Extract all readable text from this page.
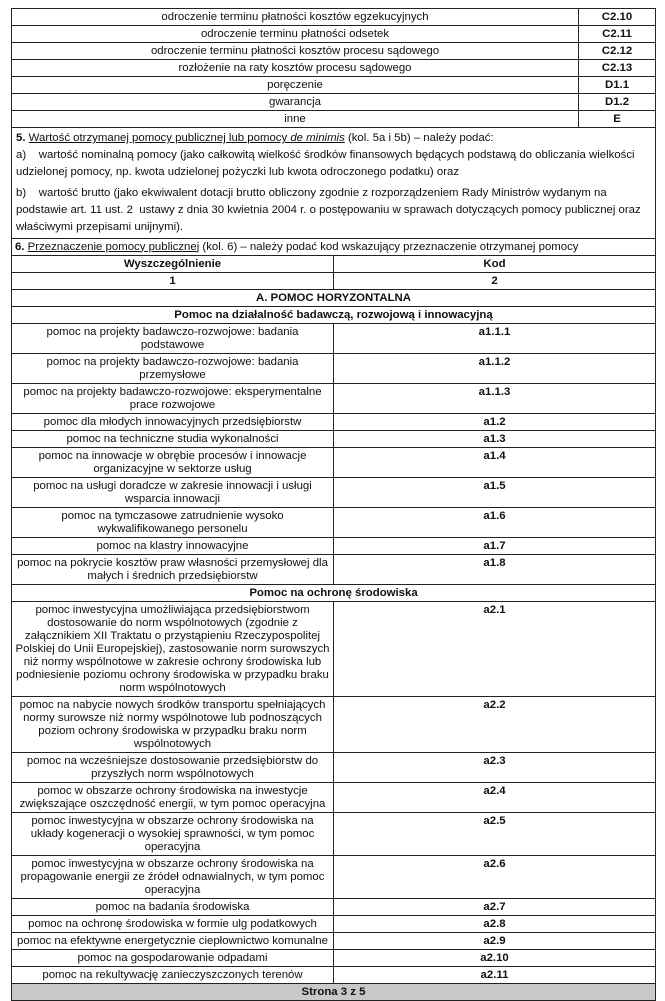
odroczenie terminu płatności kosztów egzekucyjnych	C2.10
odroczenie terminu płatności odsetek	C2.11
odroczenie terminu płatności kosztów procesu sądowego	C2.12
rozłożenie na raty kosztów procesu sądowego	C2.13
poręczenie	D1.1
gwarancja	D1.2
inne	E

5. Wartość otrzymanej pomocy publicznej lub pomocy de minimis (kol. 5a i 5b) – należy podać:

a)    wartość nominalną pomocy (jako całkowitą wielkość środków finansowych będących podstawą do obliczania wielkości udzielonej pomocy, np. kwota udzielonej pożyczki lub kwota odroczonego podatku) oraz

b)    wartość brutto (jako ekwiwalent dotacji brutto obliczony zgodnie z rozporządzeniem Rady Ministrów wydanym na podstawie art. 11 ust. 2  ustawy z dnia 30 kwietnia 2004 r. o postępowaniu w sprawach dotyczących pomocy publicznej oraz właściwymi przepisami unijnymi).

6. Przeznaczenie pomocy publicznej (kol. 6) – należy podać kod wskazujący przeznaczenie otrzymanej pomocy	
Wyszczególnienie	Kod
1	2
A. POMOC HORYZONTALNA	
Pomoc na działalność badawczą, rozwojową i innowacyjną	
pomoc na projekty badawczo-rozwojowe: badania podstawowe	a1.1.1
pomoc na projekty badawczo-rozwojowe: badania przemysłowe	a1.1.2
pomoc na projekty badawczo-rozwojowe: eksperymentalne prace rozwojowe	a1.1.3
pomoc dla młodych innowacyjnych przedsiębiorstw	a1.2
pomoc na techniczne studia wykonalności	a1.3
pomoc na innowacje w obrębie procesów i innowacje organizacyjne w sektorze usług	a1.4
pomoc na usługi doradcze w zakresie innowacji i usługi wsparcia innowacji	a1.5
pomoc na tymczasowe zatrudnienie wysoko wykwalifikowanego personelu	a1.6
pomoc na klastry innowacyjne	a1.7
pomoc na pokrycie kosztów praw własności przemysłowej dla małych i średnich przedsiębiorstw	a1.8
Pomoc na ochronę środowiska	
pomoc inwestycyjna umożliwiająca przedsiębiorstwom dostosowanie do norm wspólnotowych (zgodnie z załącznikiem XII Traktatu o przystąpieniu Rzeczypospolitej Polskiej do Unii Europejskiej), zastosowanie norm surowszych niż normy wspólnotowe w zakresie ochrony środowiska lub podniesienie poziomu ochrony środowiska w przypadku braku norm wspólnotowych	a2.1
pomoc na nabycie nowych środków transportu spełniających normy surowsze niż normy wspólnotowe lub podnoszących poziom ochrony środowiska w przypadku braku norm wspólnotowych	a2.2
pomoc na wcześniejsze dostosowanie przedsiębiorstw do przyszłych norm wspólnotowych	a2.3
pomoc w obszarze ochrony środowiska na inwestycje zwiększające oszczędność energii, w tym pomoc operacyjna	a2.4
pomoc inwestycyjna w obszarze ochrony środowiska na układy kogeneracji o wysokiej sprawności, w tym pomoc operacyjna	a2.5
pomoc inwestycyjna w obszarze ochrony środowiska na propagowanie energii ze źródeł odnawialnych, w tym pomoc operacyjna	a2.6
pomoc na badania środowiska	a2.7
pomoc na ochronę środowiska w formie ulg podatkowych	a2.8
pomoc na efektywne energetycznie ciepłownictwo komunalne	a2.9
pomoc na gospodarowanie odpadami	a2.10
pomoc na rekultywację zanieczyszczonych terenów	a2.11
Strona 3 z 5	
